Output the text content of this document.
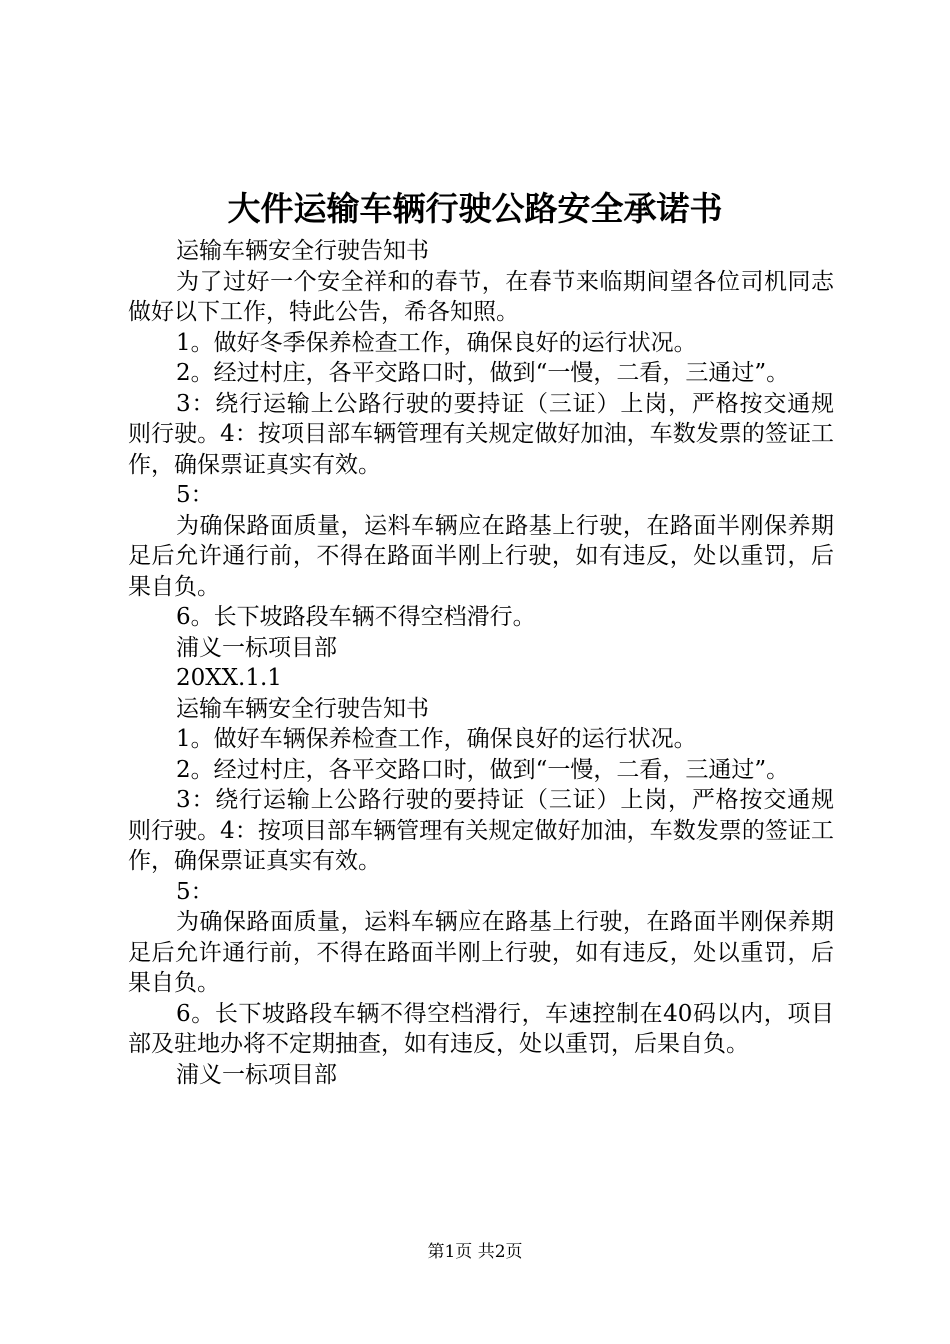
大件运输车辆行驶公路安全承诺书

运输车辆安全行驶告知书

为了过好一个安全祥和的春节，在春节来临期间望各位司机同志做好以下工作，特此公告，希各知照。

1。做好冬季保养检查工作，确保良好的运行状况。

2。经过村庄，各平交路口时，做到“一慢，二看，三通过”。

3：绕行运输上公路行驶的要持证（三证）上岗，严格按交通规则行驶。4：按项目部车辆管理有关规定做好加油，车数发票的签证工作，确保票证真实有效。

5：

为确保路面质量，运料车辆应在路基上行驶，在路面半刚保养期足后允许通行前，不得在路面半刚上行驶，如有违反，处以重罚，后果自负。

6。长下坡路段车辆不得空档滑行。

浦义一标项目部

20XX.1.1

运输车辆安全行驶告知书

1。做好车辆保养检查工作，确保良好的运行状况。

2。经过村庄，各平交路口时，做到“一慢，二看，三通过”。

3：绕行运输上公路行驶的要持证（三证）上岗，严格按交通规则行驶。4：按项目部车辆管理有关规定做好加油，车数发票的签证工作，确保票证真实有效。

5：

为确保路面质量，运料车辆应在路基上行驶，在路面半刚保养期足后允许通行前，不得在路面半刚上行驶，如有违反，处以重罚，后果自负。

6。长下坡路段车辆不得空档滑行，车速控制在40码以内，项目部及驻地办将不定期抽查，如有违反，处以重罚，后果自负。

浦义一标项目部

第1页 共2页
